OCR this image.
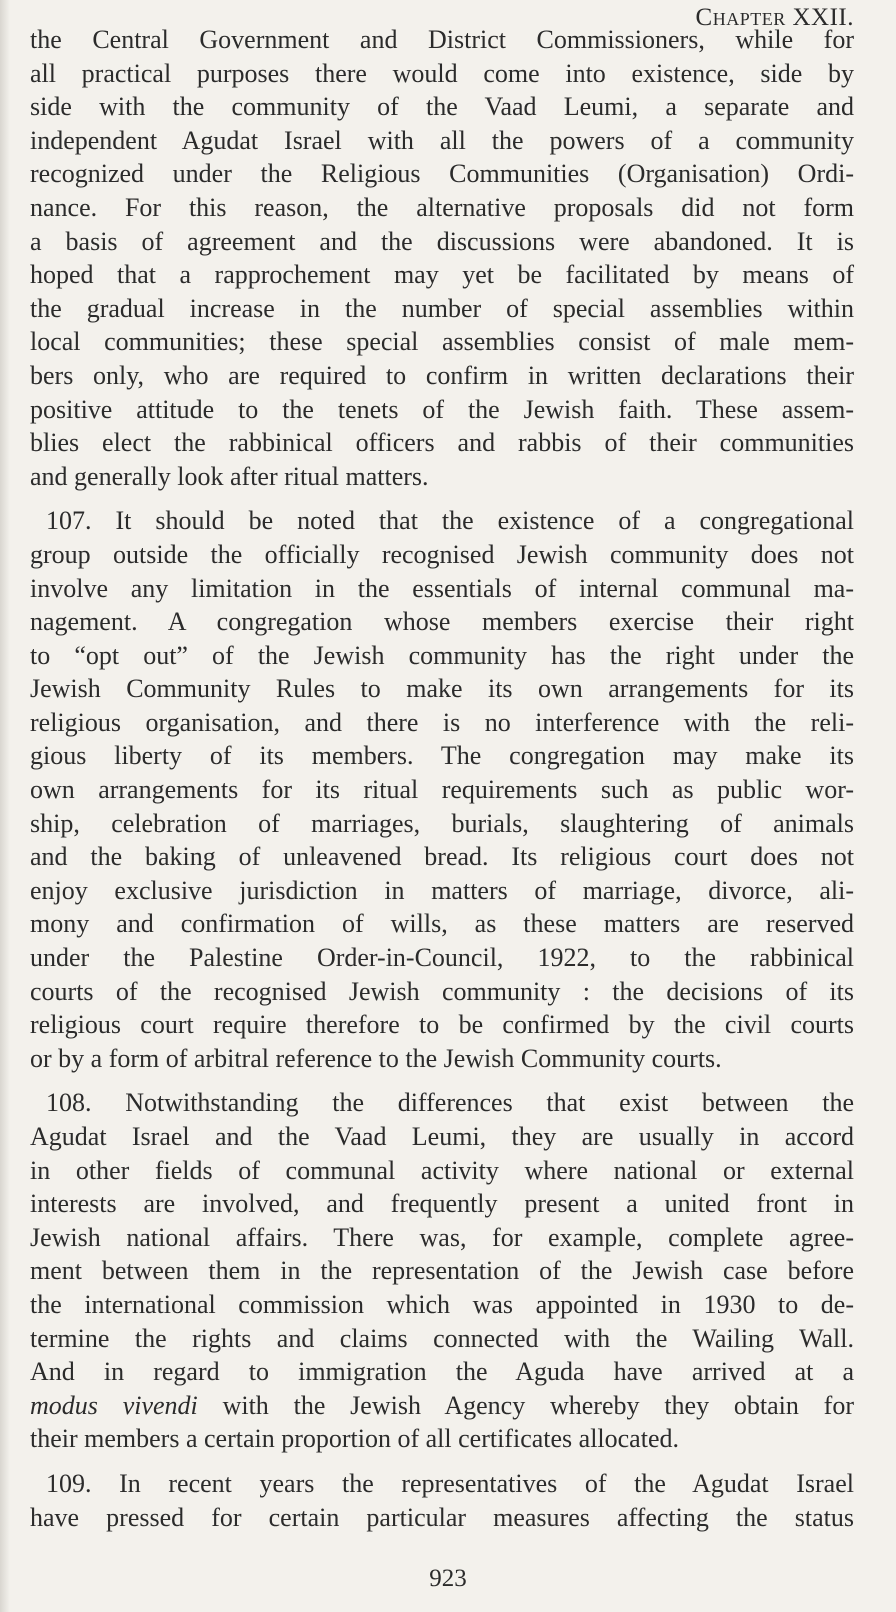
Chapter XXII.
the Central Government and District Commissioners, while for
all practical purposes there would come into existence, side by
side with the community of the Vaad Leumi, a separate and
independent Agudat Israel with all the powers of a community
recognized under the Religious Communities (Organisation) Ordi-
nance. For this reason, the alternative proposals did not form
a basis of agreement and the discussions were abandoned. It is
hoped that a rapprochement may yet be facilitated by means of
the gradual increase in the number of special assemblies within
local communities; these special assemblies consist of male mem-
bers only, who are required to confirm in written declarations their
positive attitude to the tenets of the Jewish faith. These assem-
blies elect the rabbinical officers and rabbis of their communities
and generally look after ritual matters.
107. It should be noted that the existence of a congregational
group outside the officially recognised Jewish community does not
involve any limitation in the essentials of internal communal ma-
nagement. A congregation whose members exercise their right
to “opt out” of the Jewish community has the right under the
Jewish Community Rules to make its own arrangements for its
religious organisation, and there is no interference with the reli-
gious liberty of its members. The congregation may make its
own arrangements for its ritual requirements such as public wor-
ship, celebration of marriages, burials, slaughtering of animals
and the baking of unleavened bread. Its religious court does not
enjoy exclusive jurisdiction in matters of marriage, divorce, ali-
mony and confirmation of wills, as these matters are reserved
under the Palestine Order-in-Council, 1922, to the rabbinical
courts of the recognised Jewish community : the decisions of its
religious court require therefore to be confirmed by the civil courts
or by a form of arbitral reference to the Jewish Community courts.
108. Notwithstanding the differences that exist between the
Agudat Israel and the Vaad Leumi, they are usually in accord
in other fields of communal activity where national or external
interests are involved, and frequently present a united front in
Jewish national affairs. There was, for example, complete agree-
ment between them in the representation of the Jewish case before
the international commission which was appointed in 1930 to de-
termine the rights and claims connected with the Wailing Wall.
And in regard to immigration the Aguda have arrived at a
modus vivendi with the Jewish Agency whereby they obtain for
their members a certain proportion of all certificates allocated.
109. In recent years the representatives of the Agudat Israel
have pressed for certain particular measures affecting the status
923
